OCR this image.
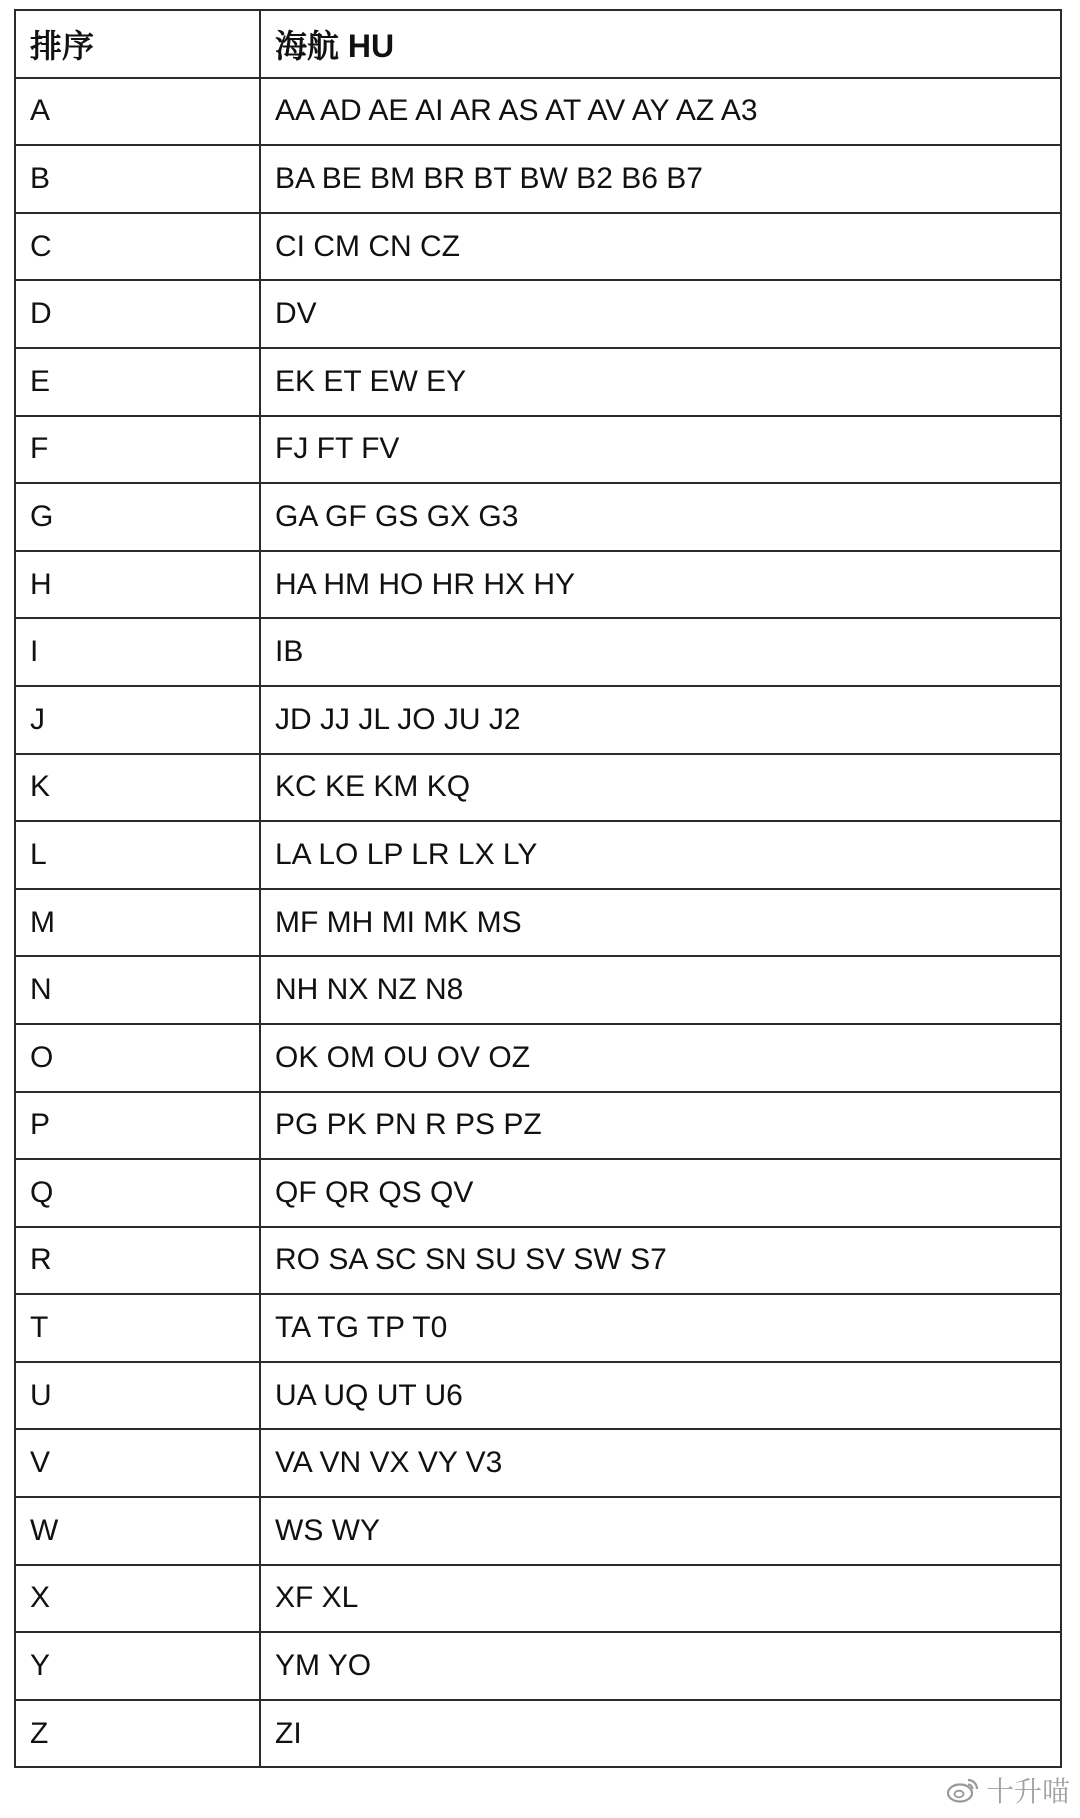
排序	海航 HU
A	AA AD AE AI AR AS AT AV AY AZ A3
B	BA BE BM BR BT BW B2 B6 B7
C	CI CM CN CZ
D	DV
E	EK ET EW EY
F	FJ FT FV
G	GA GF GS GX G3
H	HA HM HO HR HX HY
I	IB
J	JD JJ JL JO JU J2
K	KC KE KM KQ
L	LA LO LP LR LX LY
M	MF MH MI MK MS
N	NH NX NZ N8
O	OK OM OU OV OZ
P	PG PK PN R PS PZ
Q	QF QR QS QV
R	RO SA SC SN SU SV SW S7
T	TA TG TP T0
U	UA UQ UT U6
V	VA VN VX VY V3
W	WS WY
X	XF XL
Y	YM YO
Z	ZI
十升喵
